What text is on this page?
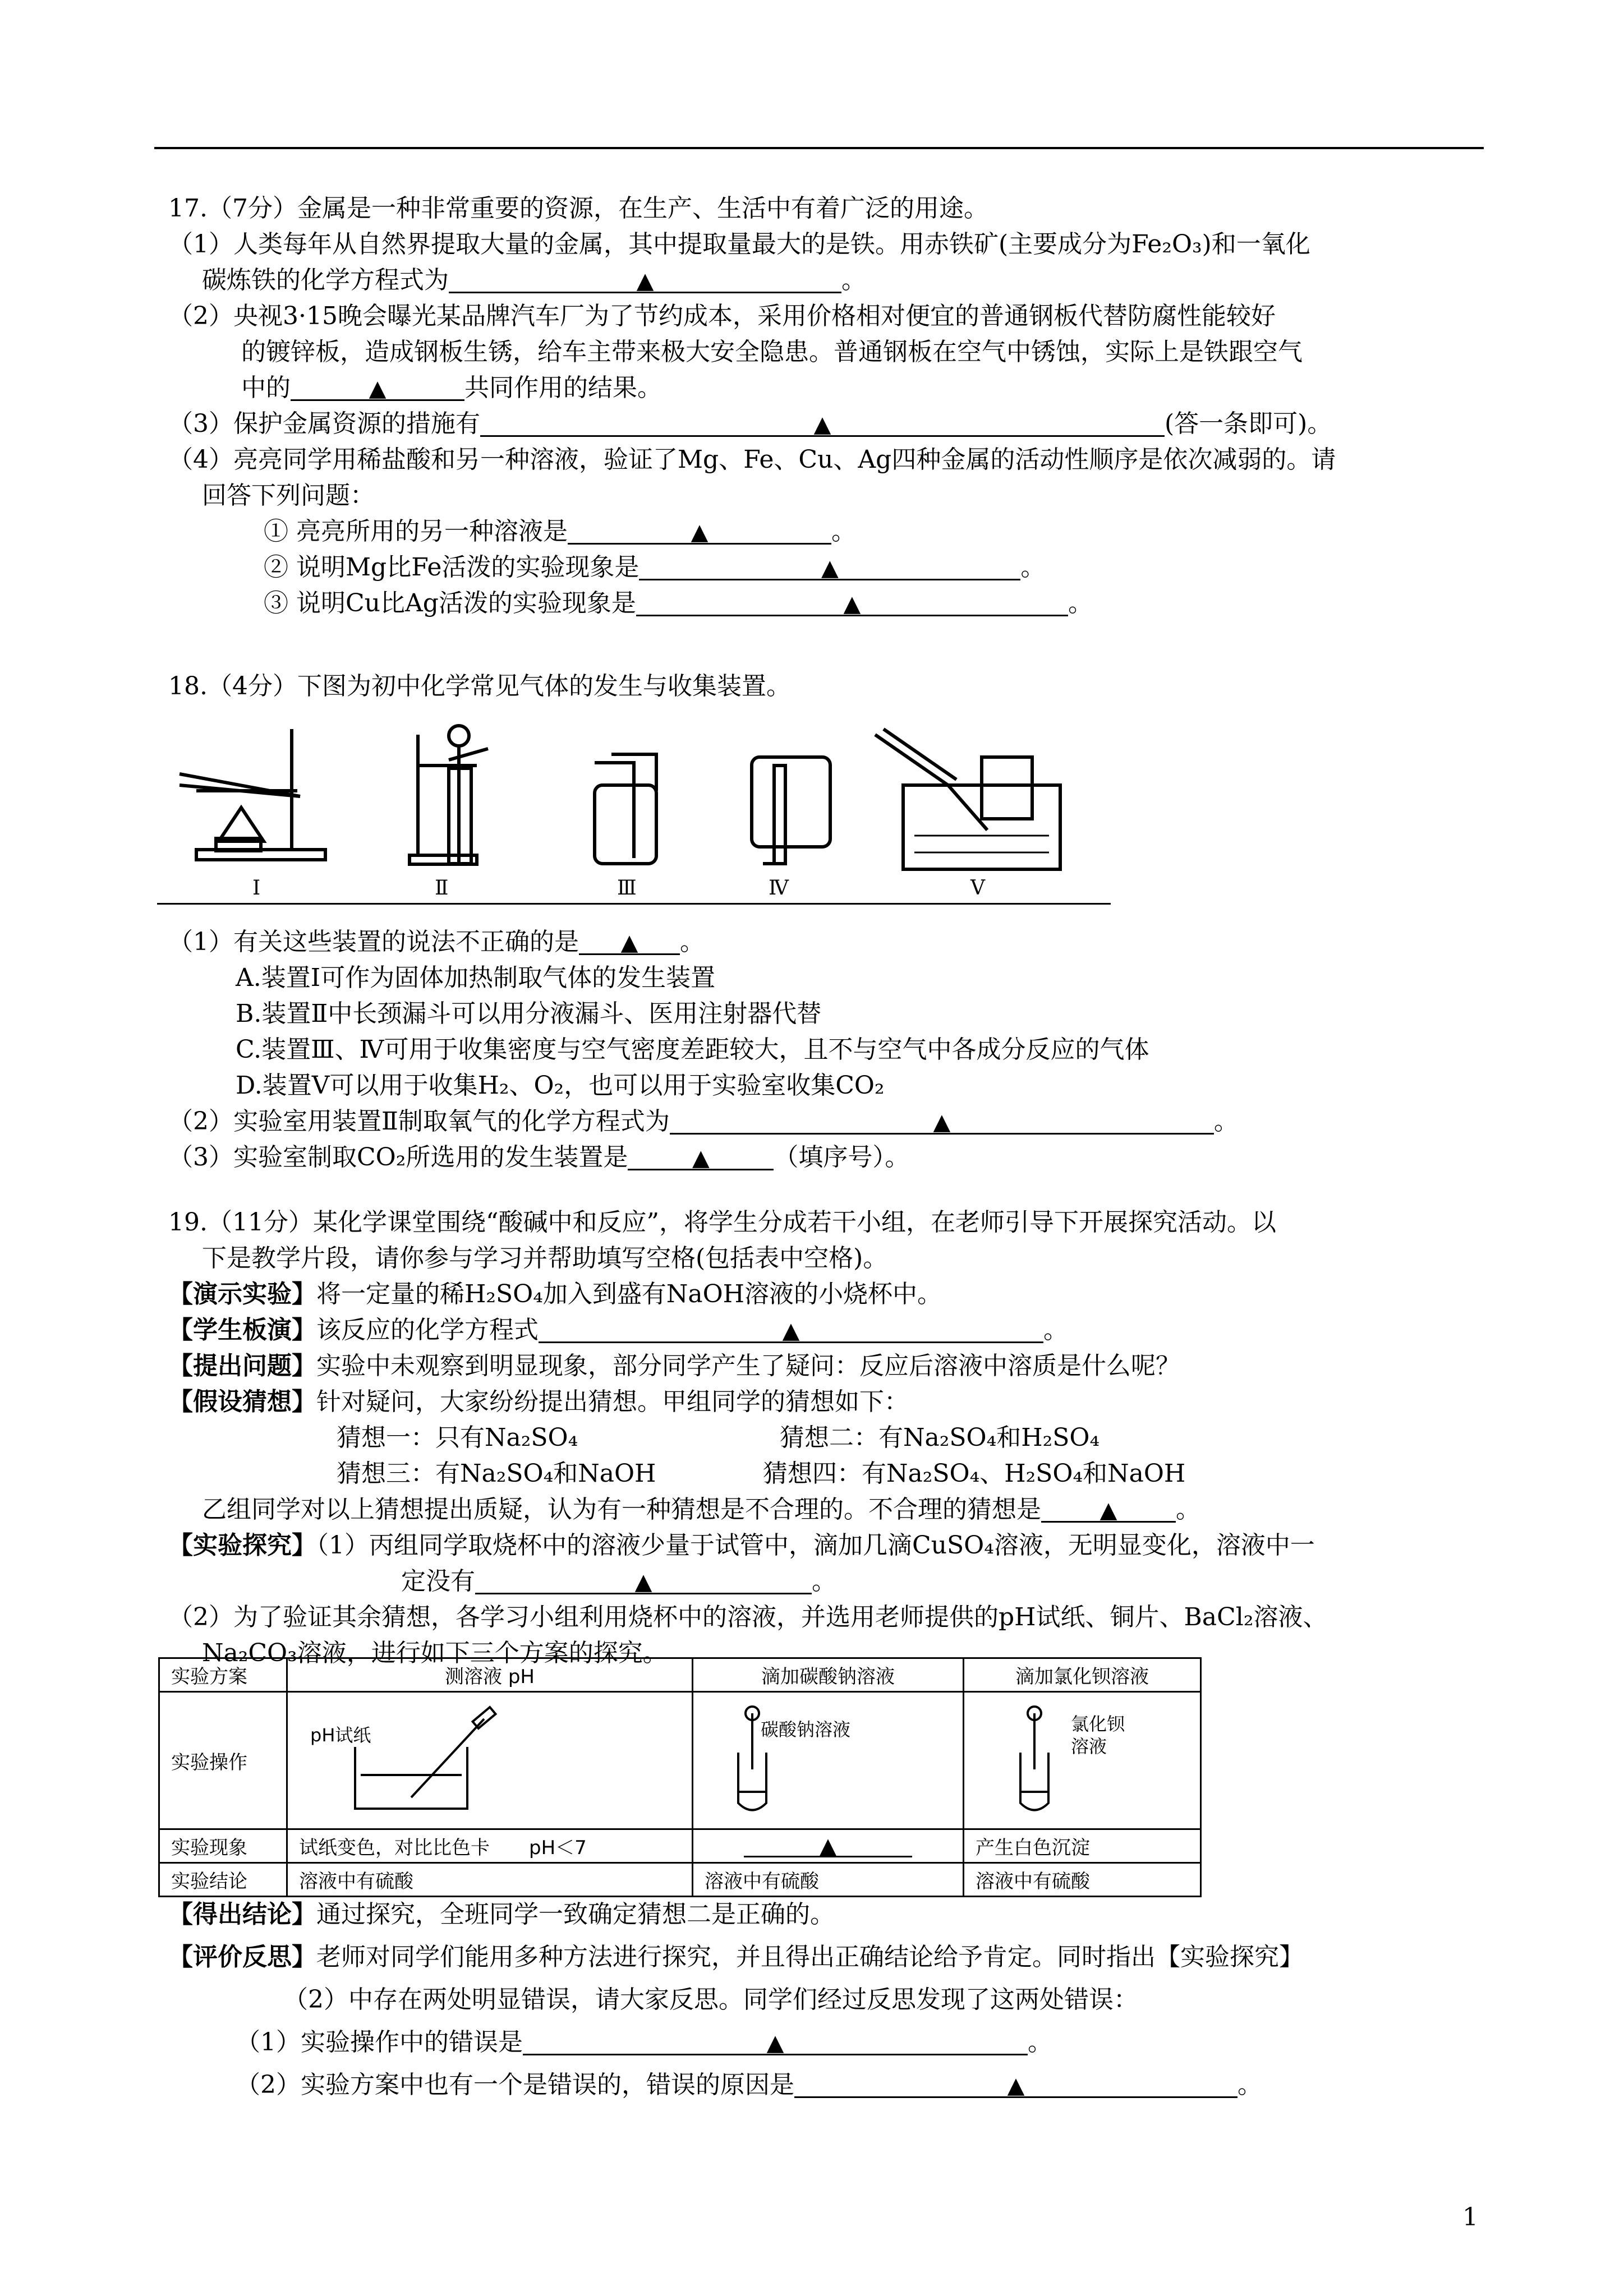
17.（7分）金属是一种非常重要的资源，在生产、生活中有着广泛的用途。
（1）人类每年从自然界提取大量的金属，其中提取量最大的是铁。用赤铁矿(主要成分为Fe₂O₃)和一氧化
碳炼铁的化学方程式为	▲	。
（2）央视3·15晚会曝光某品牌汽车厂为了节约成本，采用价格相对便宜的普通钢板代替防腐性能较好
的镀锌板，造成钢板生锈，给车主带来极大安全隐患。普通钢板在空气中锈蚀，实际上是铁跟空气
中的	▲	共同作用的结果。
（3）保护金属资源的措施有	▲	(答一条即可)。
（4）亮亮同学用稀盐酸和另一种溶液，验证了Mg、Fe、Cu、Ag四种金属的活动性顺序是依次减弱的。请
回答下列问题：
① 亮亮所用的另一种溶液是	▲	。
② 说明Mg比Fe活泼的实验现象是	▲	。
③ 说明Cu比Ag活泼的实验现象是	▲	。
18.（4分）下图为初中化学常见气体的发生与收集装置。
Ⅰ	Ⅱ	Ⅲ	Ⅳ	Ⅴ
（1）有关这些装置的说法不正确的是 ▲ 。
A.装置Ⅰ可作为固体加热制取气体的发生装置
B.装置Ⅱ中长颈漏斗可以用分液漏斗、医用注射器代替
C.装置Ⅲ、Ⅳ可用于收集密度与空气密度差距较大，且不与空气中各成分反应的气体
D.装置Ⅴ可以用于收集H₂、O₂，也可以用于实验室收集CO₂
（2）实验室用装置Ⅱ制取氧气的化学方程式为	▲	。
（3）实验室制取CO₂所选用的发生装置是	▲	（填序号）。
19.（11分）某化学课堂围绕“酸碱中和反应”，将学生分成若干小组，在老师引导下开展探究活动。以
下是教学片段，请你参与学习并帮助填写空格(包括表中空格)。
【演示实验】将一定量的稀H₂SO₄加入到盛有NaOH溶液的小烧杯中。
【学生板演】该反应的化学方程式	▲	。
【提出问题】实验中未观察到明显现象，部分同学产生了疑问：反应后溶液中溶质是什么呢？
【假设猜想】针对疑问，大家纷纷提出猜想。甲组同学的猜想如下：
猜想一：只有Na₂SO₄	猜想二：有Na₂SO₄和H₂SO₄
猜想三：有Na₂SO₄和NaOH	猜想四：有Na₂SO₄、H₂SO₄和NaOH
乙组同学对以上猜想提出质疑，认为有一种猜想是不合理的。不合理的猜想是	▲ 。
【实验探究】（1）丙组同学取烧杯中的溶液少量于试管中，滴加几滴CuSO₄溶液，无明显变化，溶液中一
定没有	▲	。
（2）为了验证其余猜想，各学习小组利用烧杯中的溶液，并选用老师提供的pH试纸、铜片、BaCl₂溶液、
Na₂CO₃溶液，进行如下三个方案的探究。
实验方案	测溶液 pH	滴加碳酸钠溶液	滴加氯化钡溶液
实验操作	pH试纸	碳酸钠溶液	氯化钡
溶液

实验现象	试纸变色，对比比色卡 pH＜7	▲	产生白色沉淀
实验结论	溶液中有硫酸	溶液中有硫酸	溶液中有硫酸
【得出结论】通过探究，全班同学一致确定猜想二是正确的。
【评价反思】老师对同学们能用多种方法进行探究，并且得出正确结论给予肯定。同时指出【实验探究】
（2）中存在两处明显错误，请大家反思。同学们经过反思发现了这两处错误：
（1）实验操作中的错误是	▲	。
（2）实验方案中也有一个是错误的，错误的原因是	▲	。
1
